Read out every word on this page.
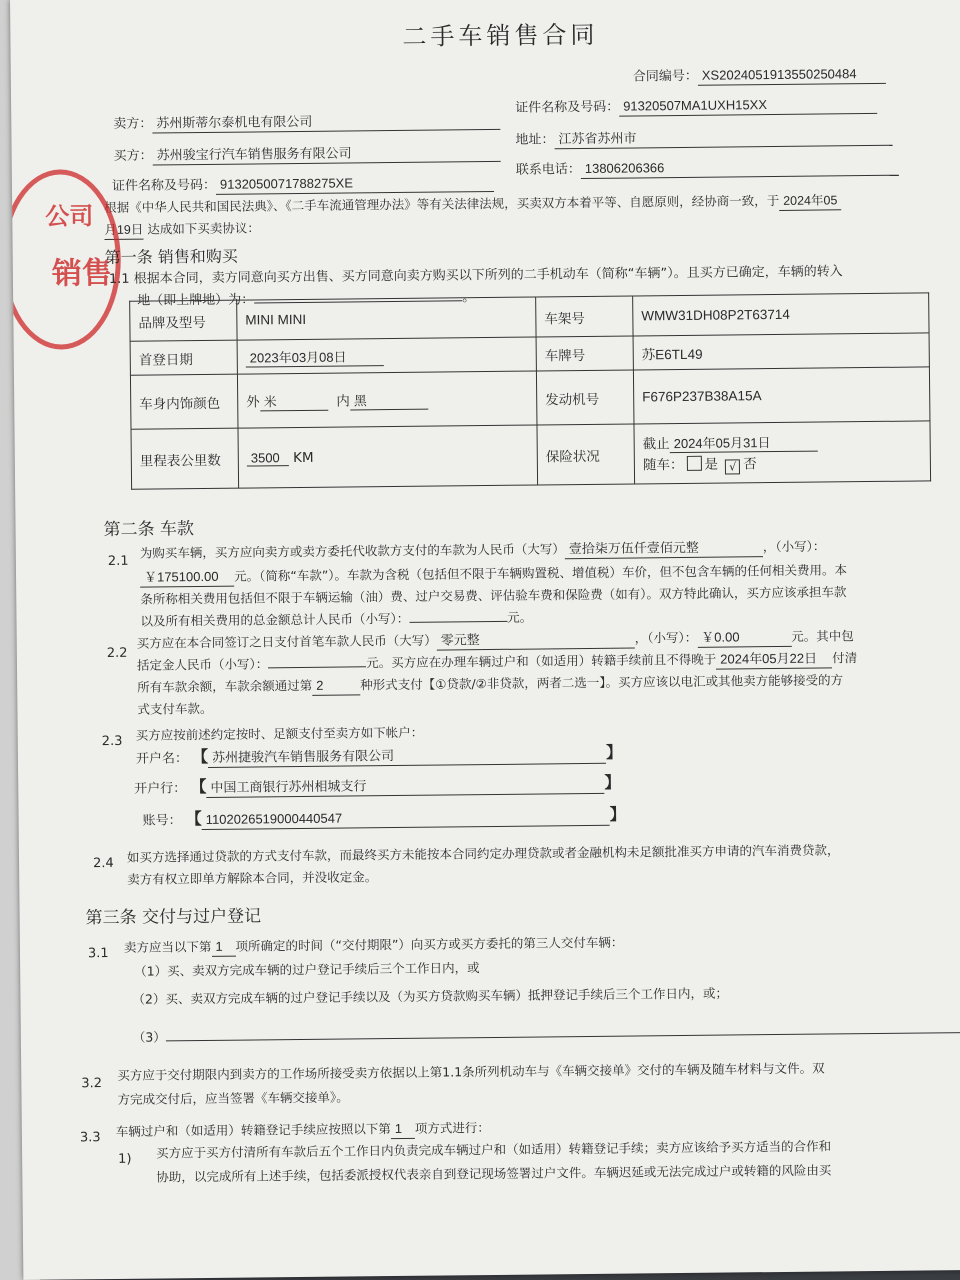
二手车销售合同
合同编号： XS2024051913550250484
卖方： 苏州斯蒂尔泰机电有限公司
证件名称及号码： 91320507MA1UXH15XX
买方： 苏州骏宝行汽车销售服务有限公司
地址： 江苏省苏州市
证件名称及号码： 9132050071788275XE
联系电话： 13806206366
根据《中华人民共和国民法典》、《二手车流通管理办法》等有关法律法规，买卖双方本着平等、自愿原则，经协商一致，于 2024年05
月19日 达成如下买卖协议：
公司
销售
第一条 销售和购买
1.1 根据本合同，卖方同意向买方出售、买方同意向卖方购买以下所列的二手机动车（简称“车辆”）。且买方已确定，车辆的转入
地（即上牌地）为：	。
品牌及型号	MINI MINI	车架号	WMW31DH08P2T63714
首登日期	2023年03月08日	车牌号	苏E6TL49
车身内饰颜色	外 米 内 黑	发动机号	F676P237B38A15A
里程表公里数	3500 KM	保险状况	截止 2024年05月31日
随车： 是 √ 否
第二条 车款
2.1
为购买车辆，买方应向卖方或卖方委托代收款方支付的车款为人民币（大写） 壹拾柒万伍仟壹佰元整	，（小写）：
￥175100.00 元。（简称“车款”）。车款为含税（包括但不限于车辆购置税、增值税）车价，但不包含车辆的任何相关费用。本
条所称相关费用包括但不限于车辆运输（油）费、过户交易费、评估验车费和保险费（如有）。双方特此确认，买方应该承担车款
以及所有相关费用的总金额总计人民币（小写）：	元。
2.2
买方应在本合同签订之日支付首笔车款人民币（大写） 零元整	，（小写）： ￥0.00	元。其中包
括定金人民币（小写）：	元。买方应在办理车辆过户和（如适用）转籍手续前且不得晚于 2024年05月22日 付清
所有车款余额，车款余额通过第 2	种形式支付【①贷款/②非贷款，两者二选一】。买方应该以电汇或其他卖方能够接受的方
式支付车款。
2.3 买方应按前述约定按时、足额支付至卖方如下帐户：
开户名： 【 苏州捷骏汽车销售服务有限公司	】
开户行： 【 中国工商银行苏州相城支行	】
账号： 【 1102026519000440547	】
2.4 如买方选择通过贷款的方式支付车款，而最终买方未能按本合同约定办理贷款或者金融机构未足额批准买方申请的汽车消费贷款，
卖方有权立即单方解除本合同，并没收定金。
第三条 交付与过户登记
3.1 卖方应当以下第 1 项所确定的时间（“交付期限”）向买方或买方委托的第三人交付车辆：
（1）买、卖双方完成车辆的过户登记手续后三个工作日内，或
（2）买、卖双方完成车辆的过户登记手续以及（为买方贷款购买车辆）抵押登记手续后三个工作日内，或；
（3）
3.2
买方应于交付期限内到卖方的工作场所接受卖方依据以上第1.1条所列机动车与《车辆交接单》交付的车辆及随车材料与文件。双
方完成交付后，应当签署《车辆交接单》。
3.3 车辆过户和（如适用）转籍登记手续应按照以下第 1 项方式进行：
1) 买方应于买方付清所有车款后五个工作日内负责完成车辆过户和（如适用）转籍登记手续；卖方应该给予买方适当的合作和
协助，以完成所有上述手续，包括委派授权代表亲自到登记现场签署过户文件。车辆迟延或无法完成过户或转籍的风险由买
